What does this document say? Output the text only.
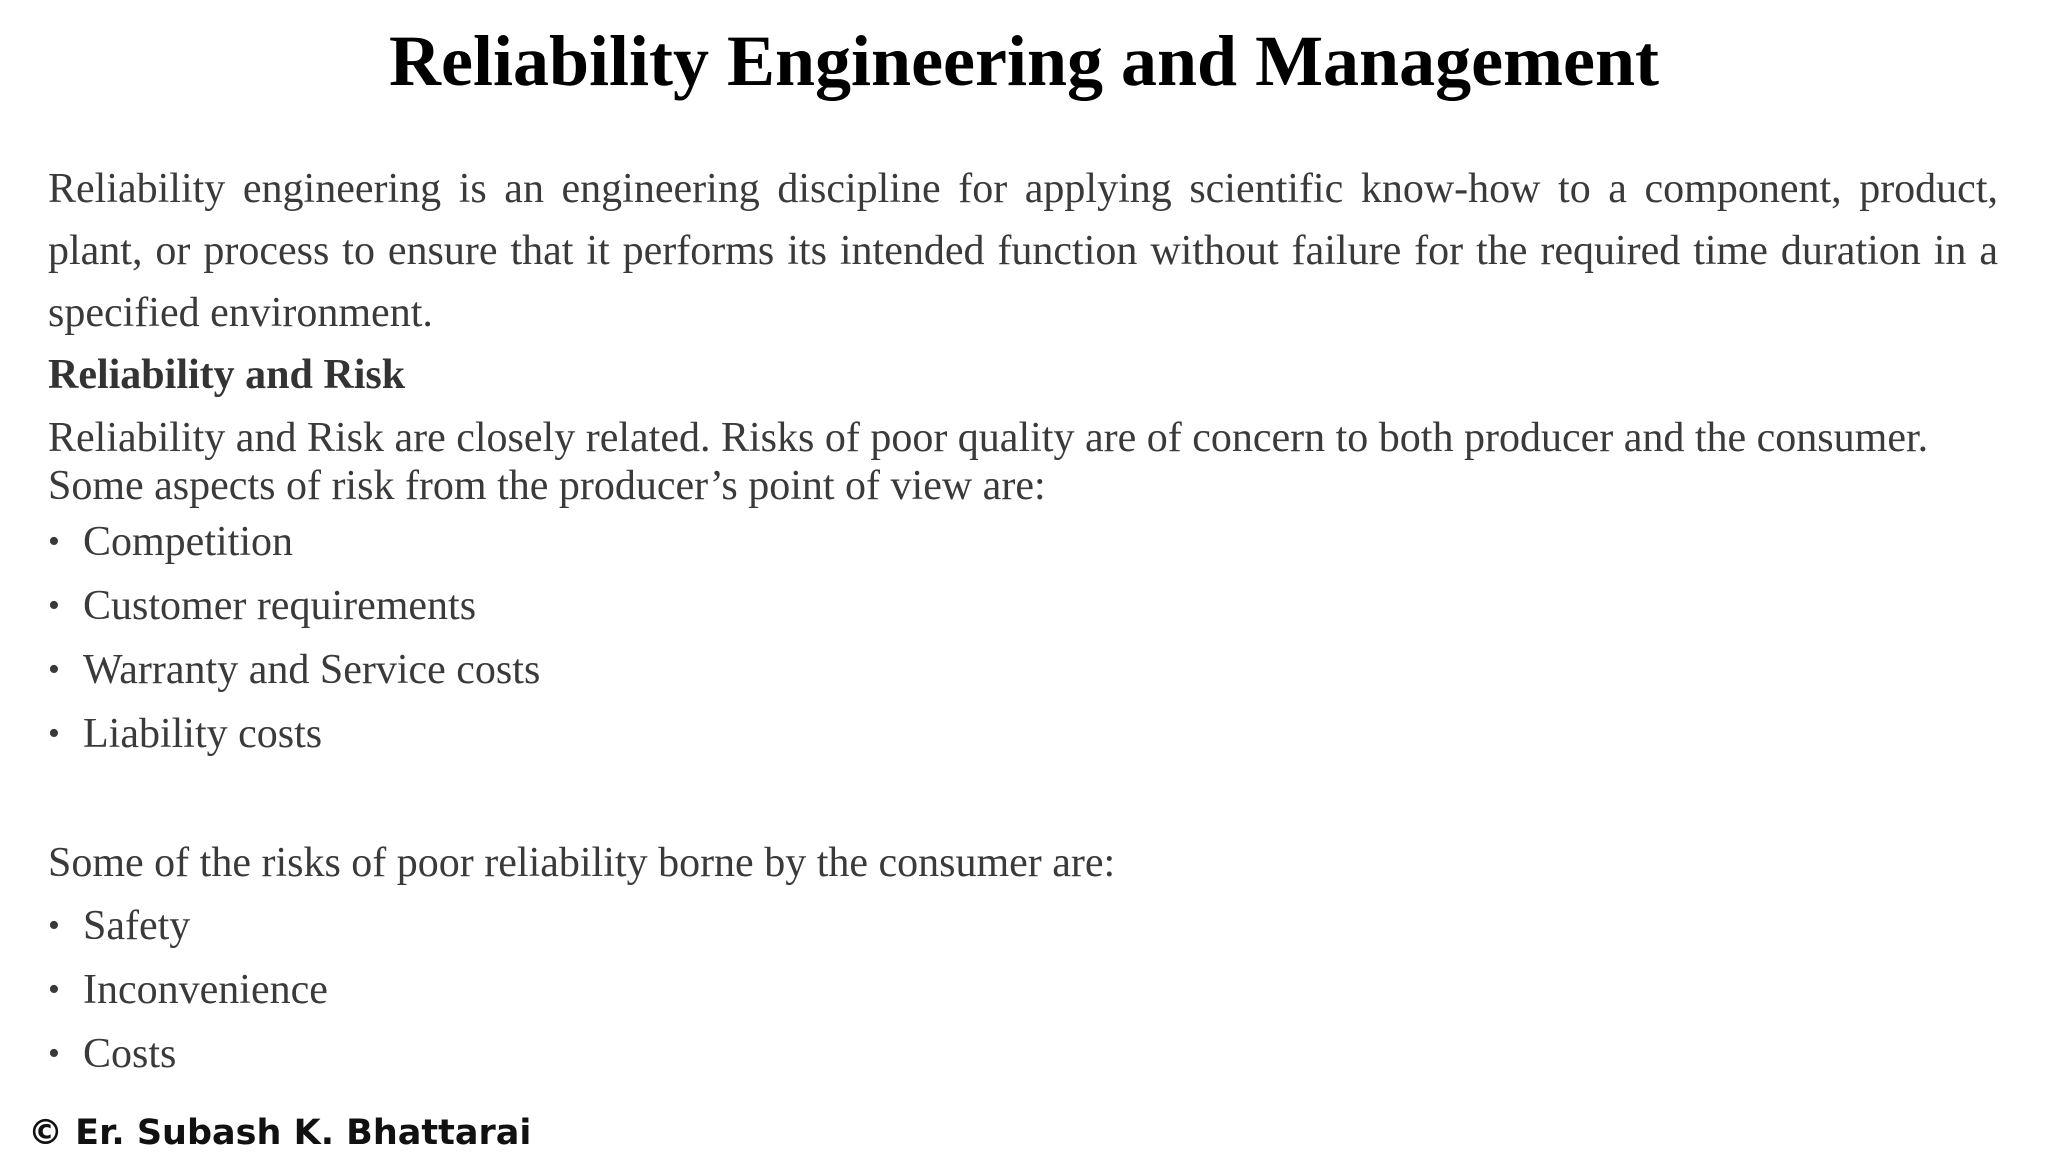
Reliability Engineering and Management

Reliability engineering is an engineering discipline for applying scientific know-how to a component, product, plant, or process to ensure that it performs its intended function without failure for the required time duration in a specified environment.

Reliability and Risk

Reliability and Risk are closely related. Risks of poor quality are of concern to both producer and the consumer. Some aspects of risk from the producer’s point of view are:

• Competition
• Customer requirements
• Warranty and Service costs
• Liability costs

Some of the risks of poor reliability borne by the consumer are:

• Safety
• Inconvenience
• Costs
© Er. Subash K. Bhattarai
